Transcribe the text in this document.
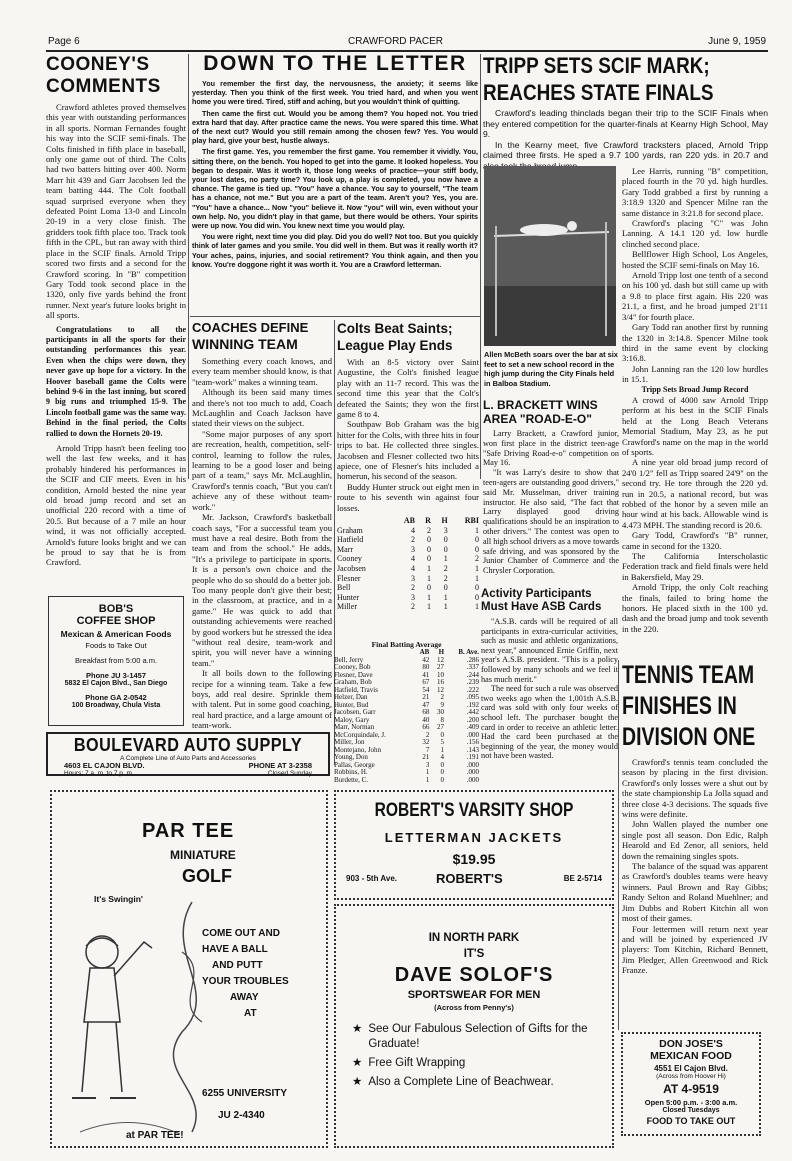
Page 6	CRAWFORD PACER	June 9, 1959
COONEY'S
COMMENTS

Crawford athletes proved themselves this year with outstanding performances in all sports. Norman Fernandes fought his way into the SCIF semi-finals. The Colts finished in fifth place in baseball, only one game out of third. The Colts had two batters hitting over 400. Norm Marr hit 439 and Garr Jacobsen led the team batting 444. The Colt football squad surprised everyone when they defeated Point Loma 13-0 and Lincoln 20-19 in a very close finish. The gridders took fifth place too. Track took fifth in the CPL, but ran away with third place in the SCIF finals. Arnold Tripp scored two firsts and a second for the Crawford scoring. In "B" competition Gary Todd took second place in the 1320, only five yards behind the front runner. Next year's future looks bright in all sports.

Congratulations to all the participants in all the sports for their outstanding performances this year. Even when the chips were down, they never gave up hope for a victory. In the Hoover baseball game the Colts were behind 9-6 in the last inning, but scored 9 big runs and triumphed 15-9. The Lincoln football game was the same way. Behind in the final period, the Colts rallied to down the Hornets 20-19.

Arnold Tripp hasn't been feeling too well the last few weeks, and it has probably hindered his performances in the SCIF and CIF meets. Even in his condition, Arnold bested the nine year old broad jump record and set an unofficial 220 record with a time of 20.5. But because of a 7 mile an hour wind, it was not officially accepted. Arnold's future looks bright and we can be proud to say that he is from Crawford.

BOB'S
COFFEE SHOP
Mexican & American Foods
Foods to Take Out
Breakfast from 5:00 a.m.
Phone JU 3-1457
5832 El Cajon Blvd., San Diego
Phone GA 2-0542
100 Broadway, Chula Vista
DOWN TO THE LETTER

You remember the first day, the nervousness, the anxiety; it seems like yesterday. Then you think of the first week. You tried hard, and when you went home you were tired. Tired, stiff and aching, but you wouldn't think of quitting.

Then came the first cut. Would you be among them? You hoped not. You tried extra hard that day. After practice came the news. You were spared this time. What of the next cut? Would you still remain among the chosen few? Yes. You would play hard, give your best, hustle always.

The first game. Yes, you remember the first game. You remember it vividly. You, sitting there, on the bench. You hoped to get into the game. It looked hopeless. You began to despair. Was it worth it, those long weeks of practice—your stiff body, your lost dates, no party time? You look up, a play is completed, you now have a chance. The game is tied up. "You" have a chance. You say to yourself, "The team has a chance, not me." But you are a part of the team. Aren't you? Yes, you are. "You" have a chance... Now "you" believe it. Now "you" will win, even without your own help. No, you didn't play in that game, but there would be others. Your spirits were up now. You did win. You knew next time you would play.

You were right, next time you did play. Did you do well? Not too. But you quickly think of later games and you smile. You did well in them. But was it really worth it? Your aches, pains, injuries, and social retirement? You think again, and then you know. You're doggone right it was worth it. You are a Crawford letterman.

COACHES DEFINE
WINNING TEAM

Something every coach knows, and every team member should know, is that "team-work" makes a winning team.

Although its been said many times and there's not too much to add, Coach McLaughlin and Coach Jackson have stated their views on the subject.

"Some major purposes of any sport are recreation, health, competition, self-control, learning to follow the rules, learning to be a good loser and being part of a team," says Mr. McLaughlin, Crawford's tennis coach, "But you can't achieve any of these without team-work."

Mr. Jackson, Crawford's basketball coach says, "For a successful team you must have a real desire. Both from the team and from the school." He adds, "It's a privilege to participate in sports. It is a person's own choice and the people who do so should do a better job. Too many people don't give their best; in the classroom, at practice, and in a game." He was quick to add that outstanding achievements were reached by good workers but he stressed the idea "without real desire, team-work and spirit, you will never have a winning team."

It all boils down to the following recipe for a winning team. Take a few boys, add real desire. Sprinkle them with talent. Put in some good coaching, real hard practice, and a large amount of team-work.

Colts Beat Saints;
League Play Ends

With an 8-5 victory over Saint Augustine, the Colt's finished league play with an 11-7 record. This was the second time this year that the Colt's defeated the Saints; they won the first game 8 to 4.

Southpaw Bob Graham was the big hitter for the Colts, with three hits in four trips to bat. He collected three singles. Jacobsen and Flesner collected two hits apiece, one of Flesner's hits included a homerun, his second of the season.

Buddy Hunter struck out eight men in route to his seventh win against four losses.

	AB	R	H	RBI
Graham	4	2	3	1
Hatfield	2	0	0	0
Marr	3	0	0	0
Cooney	4	0	1	2
Jacobsen	4	1	2	1
Flesner	3	1	2	1
Bell	2	0	0	0
Hunter	3	1	1	0
Miller	2	1	1	1
Final Batting Average
	AB	H	B. Ave.
Bell, Jerry	42	12	.286
Cooney, Bob	80	27	.337
Flesner, Dave	41	10	.244
Graham, Bob	67	16	.239
Hatfield, Travis	54	12	.222
Helzer, Dan	21	2	.095
Hunter, Bud	47	9	.192
Jacobsen, Garr	68	30	.442
Maloy, Gary	40	8	.200
Marr, Norman	66	27	.409
McCorquindale, J.	2	0	.000
Miller, Jon	32	5	.156
Montejano, John	7	1	.143
Young, Don	21	4	.191
Pallas, George	3	0	.000
Robbins, H.	1	0	.000
Burdette, C.	1	0	.000
TRIPP SETS SCIF MARK;
REACHES STATE FINALS

Crawford's leading thinclads began their trip to the SCIF Finals when they entered competition for the quarter-finals at Kearny High School, May 9.

In the Kearny meet, five Crawford tracksters placed, Arnold Tripp claimed three firsts. He sped a 9.7 100 yards, ran 220 yds. in 20.7 and

Allen McBeth soars over the bar at six feet to set a new school record in the high jump during the City Finals held in Balboa Stadium.

Lee Harris, running "B" competition, placed fourth in the 70 yd. high hurdles. Gary Todd grabbed a first by running a 3:18.9 1320 and Spencer Milne ran the same distance in 3:21.8 for second place.

Crawford's placing "C" was John Lanning. A 14.1 120 yd. low hurdle clinched second place.

Bellflower High School, Los Angeles, hosted the SCIF semi-finals on May 16.

Arnold Tripp lost one tenth of a second on his 100 yd. dash but still came up with a 9.8 to place first again. His 220 was 21.1, a first, and he broad jumped 21'11 3/4" for fourth place.

Gary Todd ran another first by running the 1320 in 3:14.8. Spencer Milne took third in the same event by clocking 3:16.8.

John Lanning ran the 120 low hurdles in 15.1.

Tripp Sets Broad Jump Record

A crowd of 4000 saw Arnold Tripp perform at his best in the SCIF Finals held at the Long Beach Veterans Memorial Stadium, May 23, as he put Crawford's name on the map in the world of sports.

A nine year old broad jump record of 24'0 1/2" fell as Tripp soared 24'9" on the second try. He tore through the 220 yd. run in 20.5, a national record, but was robbed of the honor by a seven mile an hour wind at his back. Allowable wind is 4.473 MPH. The standing record is 20.6.

Gary Todd, Crawford's "B" runner, came in second for the 1320.

The California Interscholastic Federation track and field finals were held in Bakersfield, May 29.

Arnold Tripp, the only Colt reaching the finals, failed to bring home the honors. He placed sixth in the 100 yd. dash and the broad jump and took seventh in the 220.

L. BRACKETT WINS
AREA "ROAD-E-O"

Larry Brackett, a Crawford junior, won first place in the district teen-age "Safe Driving Road-e-o" competition on May 16.

"It was Larry's desire to show that teen-agers are outstanding good drivers," said Mr. Musselman, driver training instructor. He also said, "The fact that Larry displayed good driving qualifications should be an inspiration to other drivers." The contest was open to all high school drivers as a move towards safe driving, and was sponsored by the Junior Chamber of Commerce and the Chrysler Corporation.

Activity Participants
Must Have ASB Cards

"A.S.B. cards will be required of all participants in extra-curricular activities, such as music and athletic organizations, next year," announced Ernie Griffin, next year's A.S.B. president. "This is a policy followed by many schools and we feel it has much merit."

The need for such a rule was observed two weeks ago when the 1,001th A.S.B. card was sold with only four weeks of school left. The purchaser bought the card in order to receive an athletic letter. Had the card been purchased at the beginning of the year, the money would not have been wasted.

TENNIS TEAM
FINISHES IN
DIVISION ONE

Crawford's tennis team concluded the season by placing in the first division. Crawford's only losses were a shut out by the state championship La Jolla squad and three close 4-3 decisions. The squads five wins were definite.

John Wallen played the number one single post all season. Don Edic, Ralph Hearold and Ed Zenor, all seniors, held down the remaining singles spots.

The balance of the squad was apparent as Crawford's doubles teams were heavy winners. Paul Brown and Ray Gibbs; Randy Selton and Roland Muehlner; and Jim Dubbs and Robert Kitchin all won most of their games.

Four lettermen will return next year and will be joined by experienced JV players: Tom Kitchin, Richard Bennett, Jim Pledger, Allen Greenwood and Rick Franze.

BOULEVARD AUTO SUPPLY
A Complete Line of Auto Parts and Accessories
4603 EL CAJON BLVD.	PHONE AT 3-2358
Hours: 7 a. m. to 7 p. m.	Closed Sunday
PAR TEE
MINIATURE
GOLF
It's Swingin'
COME OUT AND
HAVE A BALL
AND PUTT
YOUR TROUBLES
AWAY
AT
6255 UNIVERSITY
JU 2-4340
at PAR TEE!
ROBERT'S VARSITY SHOP
LETTERMAN JACKETS
$19.95
903 - 5th Ave.	ROBERT'S	BE 2-5714
IN NORTH PARK
IT'S
DAVE SOLOF'S
SPORTSWEAR FOR MEN
(Across from Penny's)
★ See Our Fabulous Selection of Gifts for the Graduate!
★ Free Gift Wrapping
★ Also a Complete Line of Beachwear.
DON JOSE'S
MEXICAN FOOD
4551 El Cajon Blvd.
(Across from Hoover Hi)
AT 4-9519
Open 5:00 p.m. - 3:00 a.m.
Closed Tuesdays
FOOD TO TAKE OUT
